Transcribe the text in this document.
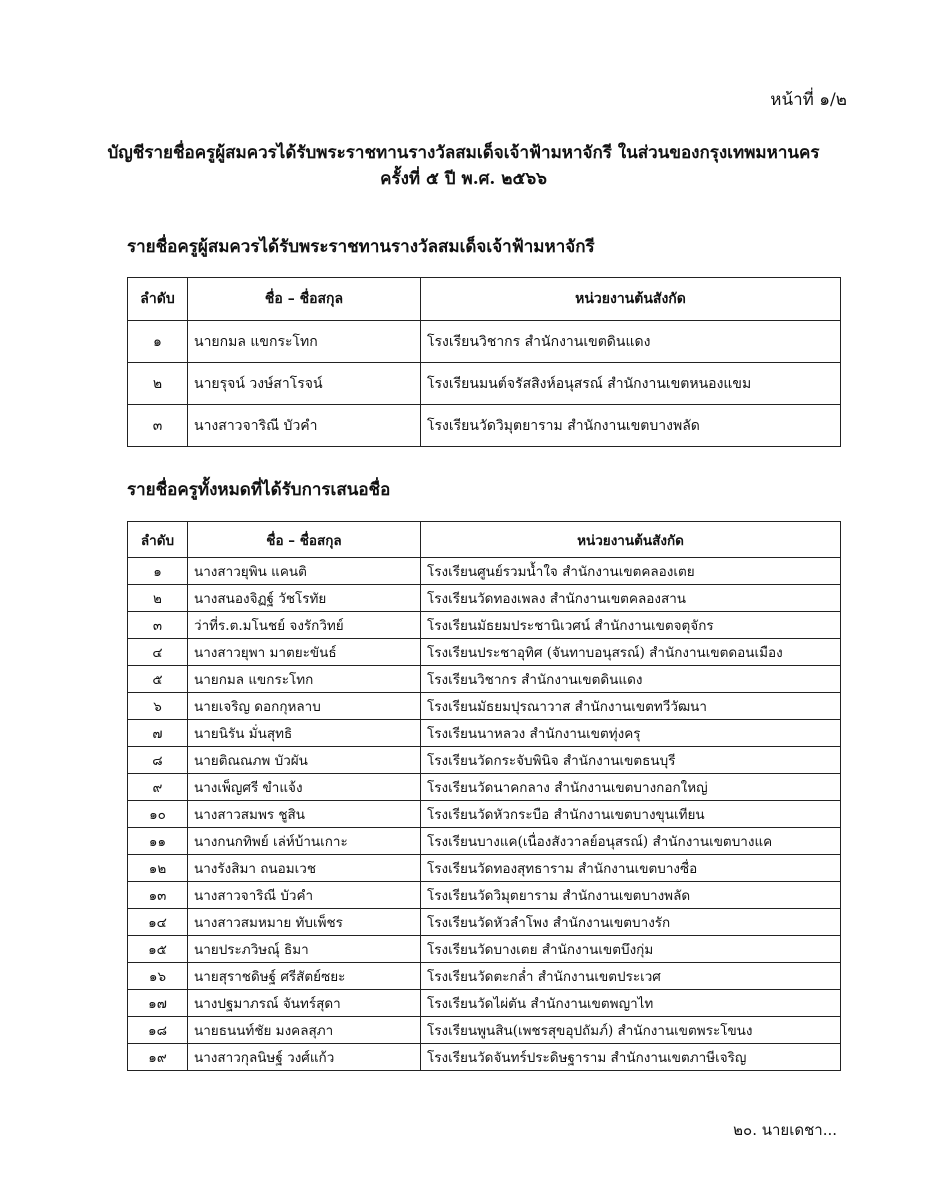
หน้าที่ ๑/๒
บัญชีรายชื่อครูผู้สมควรได้รับพระราชทานรางวัลสมเด็จเจ้าฟ้ามหาจักรี ในส่วนของกรุงเทพมหานคร
ครั้งที่ ๕ ปี พ.ศ. ๒๕๖๖
รายชื่อครูผู้สมควรได้รับพระราชทานรางวัลสมเด็จเจ้าฟ้ามหาจักรี
ลำดับ	ชื่อ – ชื่อสกุล	หน่วยงานต้นสังกัด
๑	นายกมล แขกระโทก	โรงเรียนวิชากร สำนักงานเขตดินแดง
๒	นายรุจน์ วงษ์สาโรจน์	โรงเรียนมนต์จรัสสิงห์อนุสรณ์ สำนักงานเขตหนองแขม
๓	นางสาวจาริณี บัวคำ	โรงเรียนวัดวิมุตยาราม สำนักงานเขตบางพลัด
รายชื่อครูทั้งหมดที่ได้รับการเสนอชื่อ
ลำดับ	ชื่อ – ชื่อสกุล	หน่วยงานต้นสังกัด
๑	นางสาวยุพิน แคนติ	โรงเรียนศูนย์รวมน้ำใจ สำนักงานเขตคลองเตย
๒	นางสนองจิฏฐ์ วัชโรทัย	โรงเรียนวัดทองเพลง สำนักงานเขตคลองสาน
๓	ว่าที่ร.ต.มโนชย์ จงรักวิทย์	โรงเรียนมัธยมประชานิเวศน์ สำนักงานเขตจตุจักร
๔	นางสาวยุพา มาตยะขันธ์	โรงเรียนประชาอุทิศ (จันทาบอนุสรณ์) สำนักงานเขตดอนเมือง
๕	นายกมล แขกระโทก	โรงเรียนวิชากร สำนักงานเขตดินแดง
๖	นายเจริญ ดอกกุหลาบ	โรงเรียนมัธยมปุรณาวาส สำนักงานเขตทวีวัฒนา
๗	นายนิรัน มั่นสุทธิ	โรงเรียนนาหลวง สำนักงานเขตทุ่งครุ
๘	นายติณณภพ บัวผัน	โรงเรียนวัดกระจับพินิจ สำนักงานเขตธนบุรี
๙	นางเพ็ญศรี ขำแจ้ง	โรงเรียนวัดนาคกลาง สำนักงานเขตบางกอกใหญ่
๑๐	นางสาวสมพร ชูสิน	โรงเรียนวัดหัวกระบือ สำนักงานเขตบางขุนเทียน
๑๑	นางกนกทิพย์ เล่ห์บ้านเกาะ	โรงเรียนบางแค(เนื่องสังวาลย์อนุสรณ์) สำนักงานเขตบางแค
๑๒	นางรังสิมา ถนอมเวช	โรงเรียนวัดทองสุทธาราม สำนักงานเขตบางซื่อ
๑๓	นางสาวจาริณี บัวคำ	โรงเรียนวัดวิมุตยาราม สำนักงานเขตบางพลัด
๑๔	นางสาวสมหมาย ทับเพ็ชร	โรงเรียนวัดหัวลำโพง สำนักงานเขตบางรัก
๑๕	นายประภวิษณุ์ ธิมา	โรงเรียนวัดบางเตย สำนักงานเขตบึงกุ่ม
๑๖	นายสุราชดิษฐ์ ศรีสัตย์ซยะ	โรงเรียนวัดตะกล่ำ สำนักงานเขตประเวศ
๑๗	นางปฐมาภรณ์ จันทร์สุดา	โรงเรียนวัดไผ่ตัน สำนักงานเขตพญาไท
๑๘	นายธนนท์ชัย มงคลสุภา	โรงเรียนพูนสิน(เพชรสุขอุปถัมภ์) สำนักงานเขตพระโขนง
๑๙	นางสาวกุลนิษฐ์ วงศ์แก้ว	โรงเรียนวัดจันทร์ประดิษฐาราม สำนักงานเขตภาษีเจริญ
๒๐. นายเดชา...
